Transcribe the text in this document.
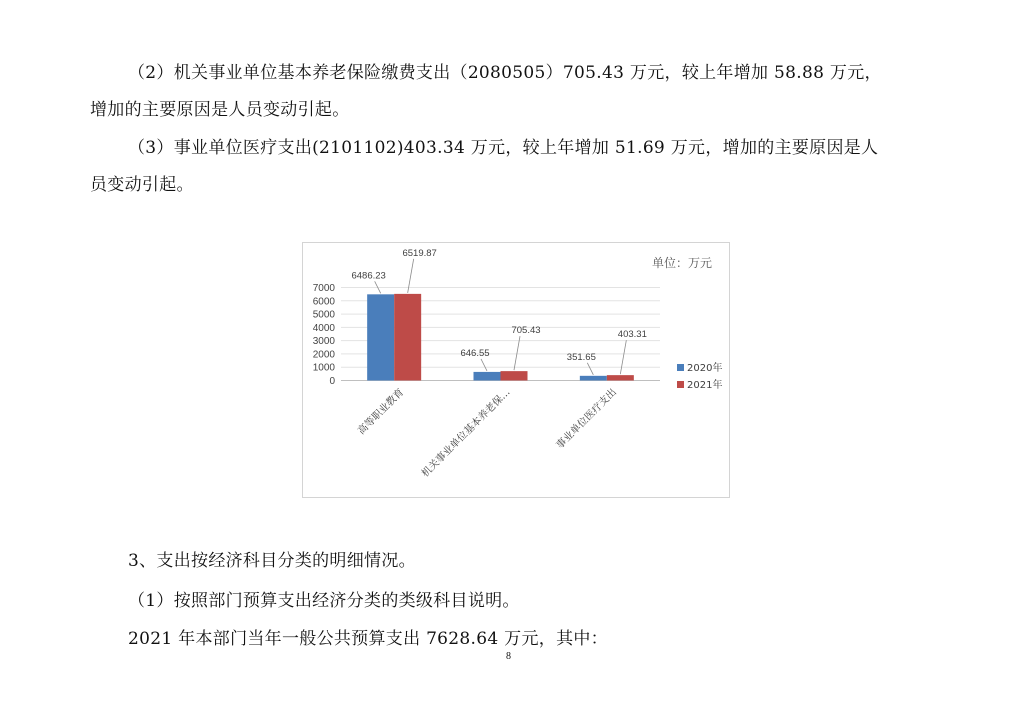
（2）机关事业单位基本养老保险缴费支出（2080505）705.43 万元，较上年增加 58.88 万元，
增加的主要原因是人员变动引起。
（3）事业单位医疗支出(2101102)403.34 万元，较上年增加 51.69 万元，增加的主要原因是人
员变动引起。
0
1000
2000
3000
4000
5000
6000
7000
6486.23
6519.87
高等职业教育
646.55
705.43
机关事业单位基本养老保…
351.65
403.31
事业单位医疗支出
单位：万元
2020年
2021年
3、支出按经济科目分类的明细情况。
（1）按照部门预算支出经济分类的类级科目说明。
2021 年本部门当年一般公共预算支出 7628.64 万元，其中：
8
